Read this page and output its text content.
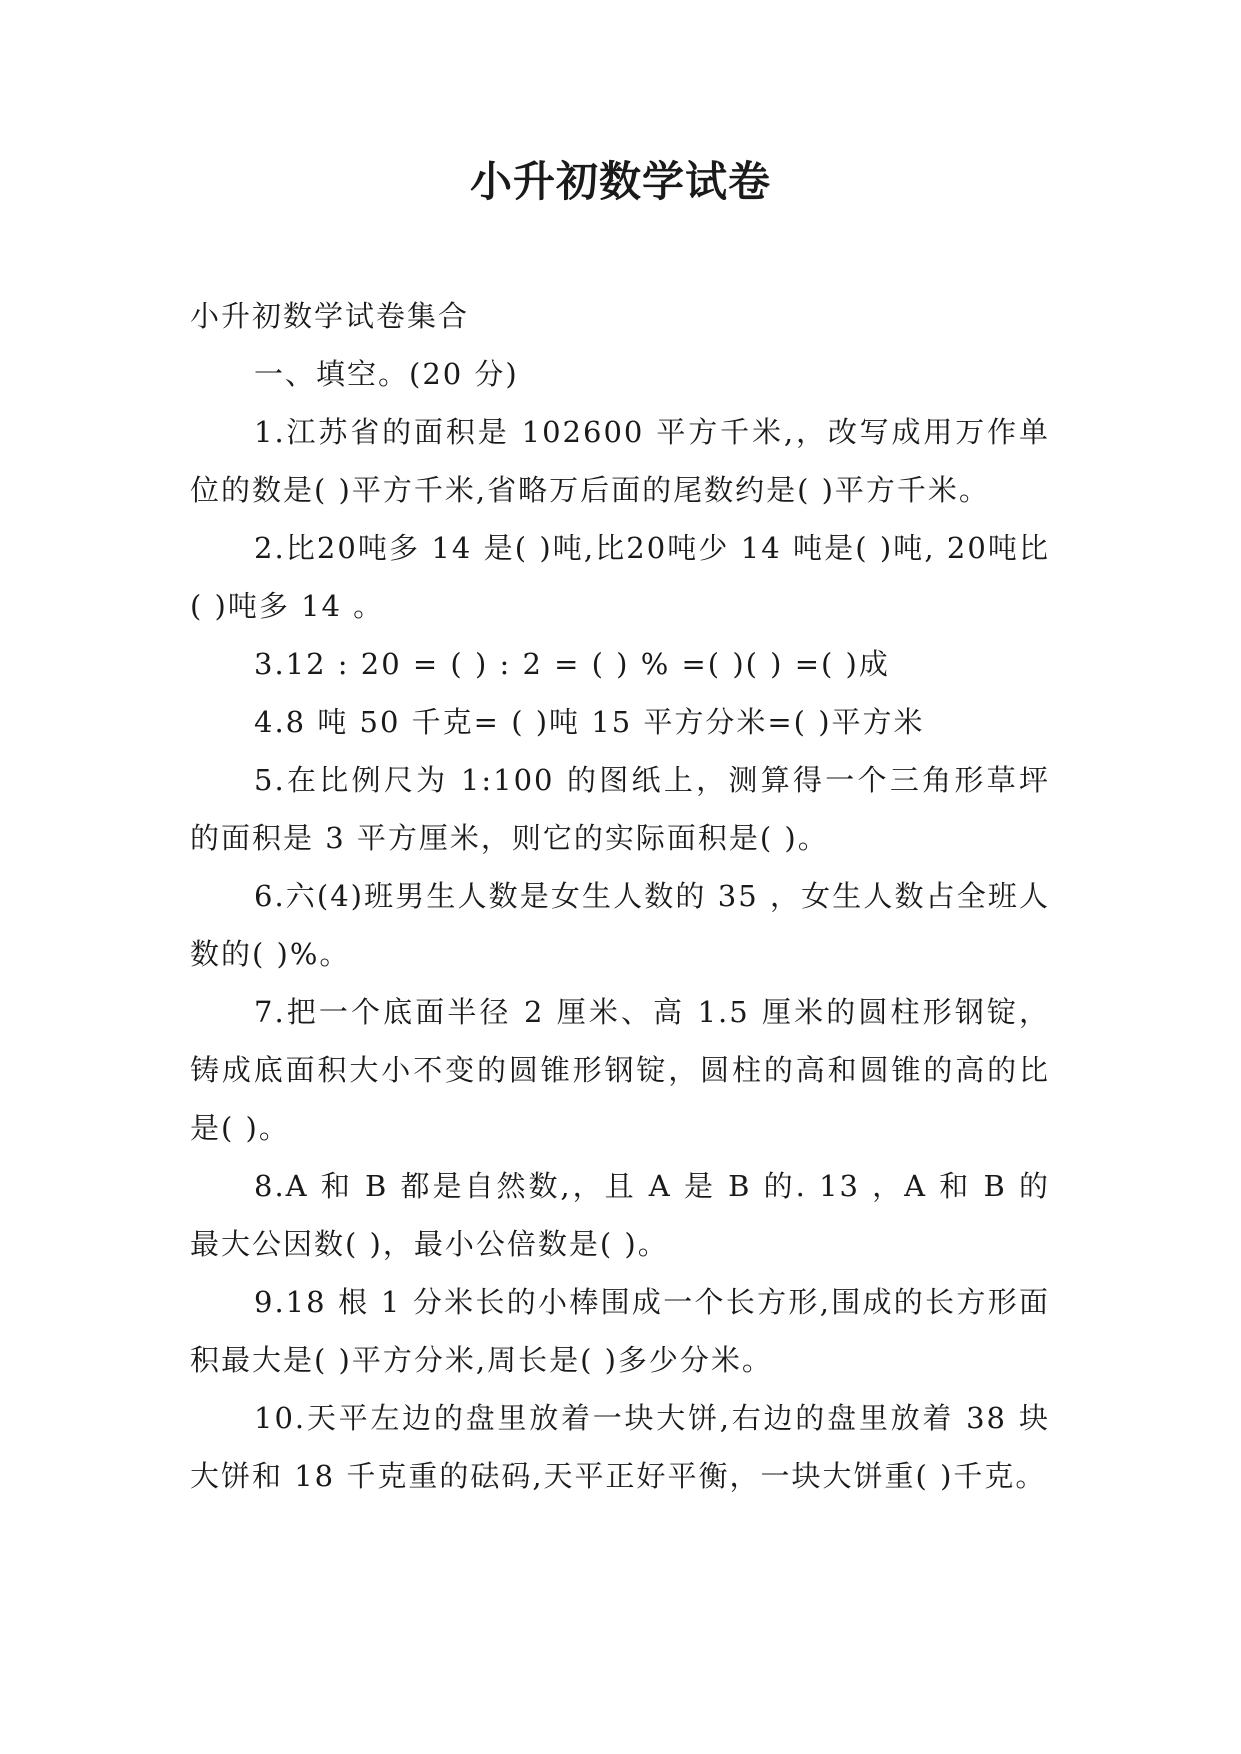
小升初数学试卷

小升初数学试卷集合

一、填空。(20 分)

1.江苏省的面积是 102600 平方千米,，改写成用万作单位的数是( )平方千米,省略万后面的尾数约是( )平方千米。

2.比20吨多 14 是( )吨,比20吨少 14 吨是( )吨, 20吨比( )吨多 14 。

3.12 : 20 = ( ) : 2 = ( ) % =( )( ) =( )成

4.8 吨 50 千克= ( )吨 15 平方分米=( )平方米

5.在比例尺为 1:100 的图纸上，测算得一个三角形草坪的面积是 3 平方厘米，则它的实际面积是( )。

6.六(4)班男生人数是女生人数的 35 ，女生人数占全班人数的( )%。

7.把一个底面半径 2 厘米、高 1.5 厘米的圆柱形钢锭，铸成底面积大小不变的圆锥形钢锭，圆柱的高和圆锥的高的比是( )。

8.A 和 B 都是自然数,，且 A 是 B 的. 13 ，A 和 B 的最大公因数( )，最小公倍数是( )。

9.18 根 1 分米长的小棒围成一个长方形,围成的长方形面积最大是( )平方分米,周长是( )多少分米。

10.天平左边的盘里放着一块大饼,右边的盘里放着 38 块大饼和 18 千克重的砝码,天平正好平衡，一块大饼重( )千克。
